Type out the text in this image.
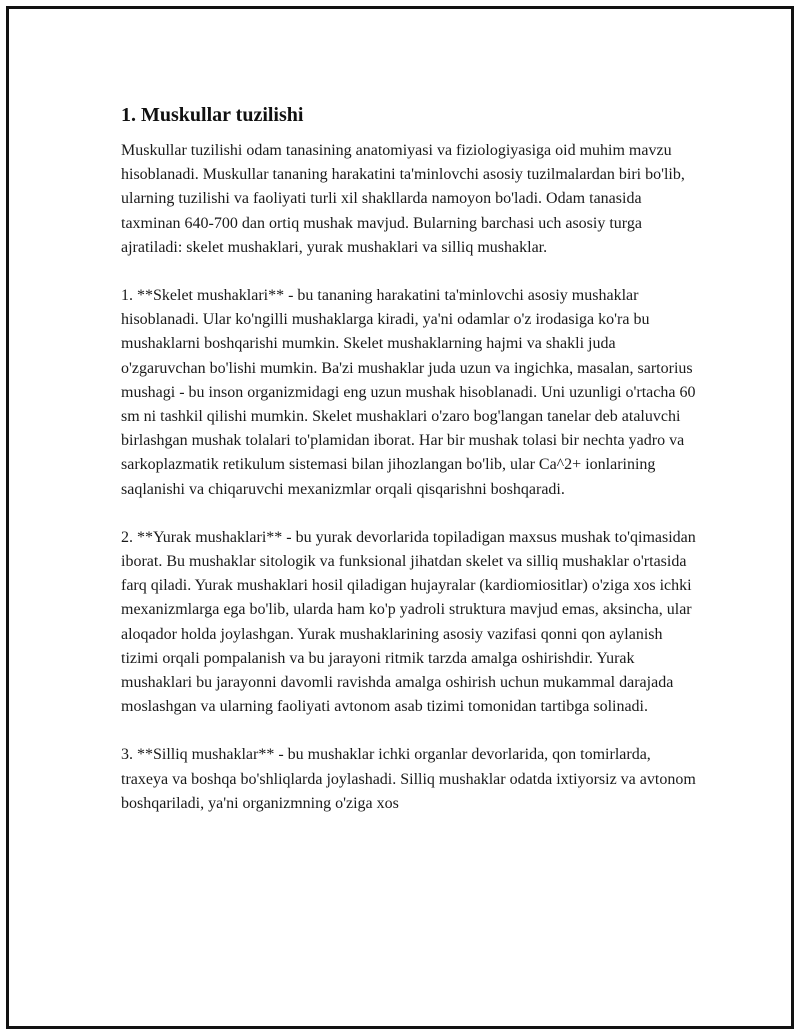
1. Muskullar tuzilishi

Muskullar tuzilishi odam tanasining anatomiyasi va fiziologiyasiga oid muhim mavzu hisoblanadi. Muskullar tananing harakatini ta'minlovchi asosiy tuzilmalardan biri bo'lib, ularning tuzilishi va faoliyati turli xil shakllarda namoyon bo'ladi. Odam tanasida taxminan 640-700 dan ortiq mushak mavjud. Bularning barchasi uch asosiy turga ajratiladi: skelet mushaklari, yurak mushaklari va silliq mushaklar.

1. **Skelet mushaklari** - bu tananing harakatini ta'minlovchi asosiy mushaklar hisoblanadi. Ular ko'ngilli mushaklarga kiradi, ya'ni odamlar o'z irodasiga ko'ra bu mushaklarni boshqarishi mumkin. Skelet mushaklarning hajmi va shakli juda o'zgaruvchan bo'lishi mumkin. Ba'zi mushaklar juda uzun va ingichka, masalan, sartorius mushagi - bu inson organizmidagi eng uzun mushak hisoblanadi. Uni uzunligi o'rtacha 60 sm ni tashkil qilishi mumkin. Skelet mushaklari o'zaro bog'langan tanelar deb ataluvchi birlashgan mushak tolalari to'plamidan iborat. Har bir mushak tolasi bir nechta yadro va sarkoplazmatik retikulum sistemasi bilan jihozlangan bo'lib, ular Ca^2+ ionlarining saqlanishi va chiqaruvchi mexanizmlar orqali qisqarishni boshqaradi.

2. **Yurak mushaklari** - bu yurak devorlarida topiladigan maxsus mushak to'qimasidan iborat. Bu mushaklar sitologik va funksional jihatdan skelet va silliq mushaklar o'rtasida farq qiladi. Yurak mushaklari hosil qiladigan hujayralar (kardiomiositlar) o'ziga xos ichki mexanizmlarga ega bo'lib, ularda ham ko'p yadroli struktura mavjud emas, aksincha, ular aloqador holda joylashgan. Yurak mushaklarining asosiy vazifasi qonni qon aylanish tizimi orqali pompalanish va bu jarayoni ritmik tarzda amalga oshirishdir. Yurak mushaklari bu jarayonni davomli ravishda amalga oshirish uchun mukammal darajada moslashgan va ularning faoliyati avtonom asab tizimi tomonidan tartibga solinadi.

3. **Silliq mushaklar** - bu mushaklar ichki organlar devorlarida, qon tomirlarda, traxeya va boshqa bo'shliqlarda joylashadi. Silliq mushaklar odatda ixtiyorsiz va avtonom boshqariladi, ya'ni organizmning o'ziga xos
